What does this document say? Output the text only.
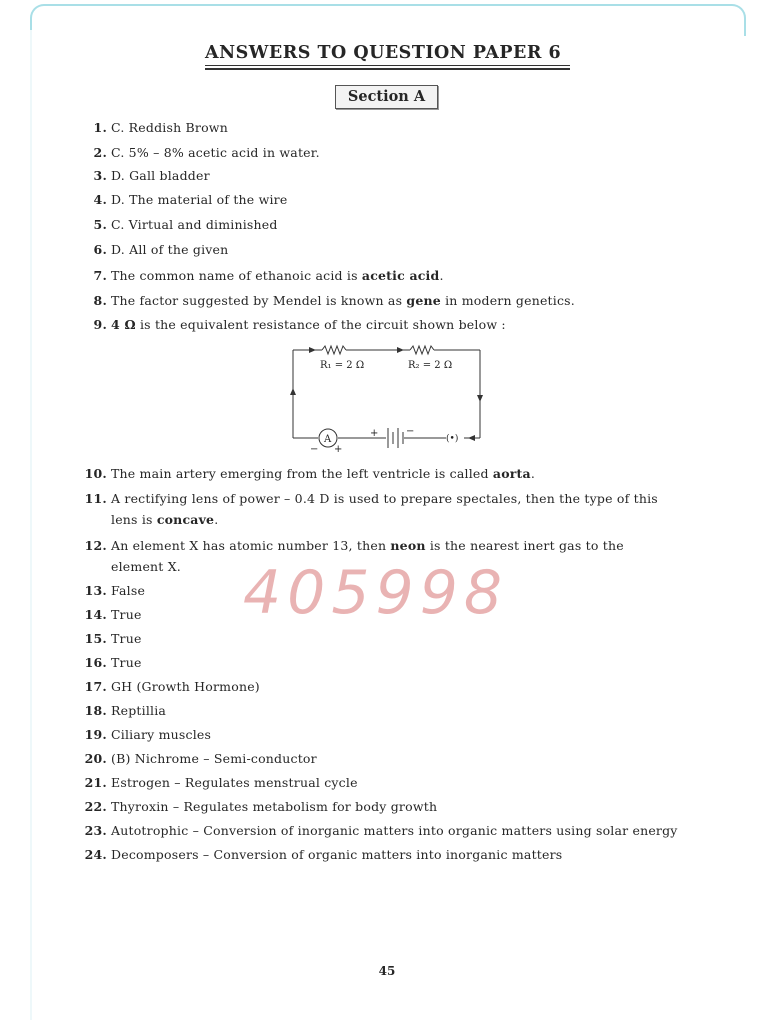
ANSWERS TO QUESTION PAPER 6
Section A
1. C. Reddish Brown
2. C. 5% – 8% acetic acid in water.
3. D. Gall bladder
4. D. The material of the wire
5. C. Virtual and diminished
6. D. All of the given
7. The common name of ethanoic acid is acetic acid.
8. The factor suggested by Mendel is known as gene in modern genetics.
9. 4 Ω is the equivalent resistance of the circuit shown below :
R₁ = 2 Ω	R₂ = 2 Ω
A
− +
+	−
(•)
10. The main artery emerging from the left ventricle is called aorta.
11. A rectifying lens of power – 0.4 D is used to prepare spectales, then the type of this
lens is concave.
12. An element X has atomic number 13, then neon is the nearest inert gas to the
element X.
13. False
14. True
15. True
16. True
17. GH (Growth Hormone)
18. Reptillia
19. Ciliary muscles
20. (B) Nichrome – Semi-conductor
21. Estrogen – Regulates menstrual cycle
22. Thyroxin – Regulates metabolism for body growth
23. Autotrophic – Conversion of inorganic matters into organic matters using solar energy
24. Decomposers – Conversion of organic matters into inorganic matters
405998
45
